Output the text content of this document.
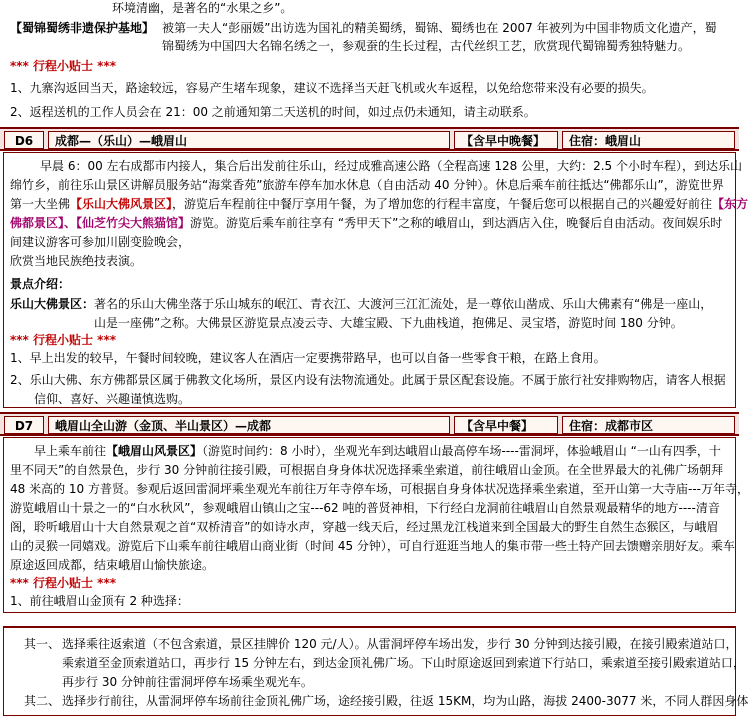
环境清幽，是著名的“水果之乡”。
【蜀锦蜀绣非遗保护基地】 被第一夫人“彭丽媛”出访选为国礼的精美蜀绣，蜀锦、蜀绣也在 2007 年被列为中国非物质文化遗产，蜀
锦蜀绣为中国四大名锦名绣之一，参观蚕的生长过程，古代丝织工艺，欣赏现代蜀锦蜀秀独特魅力。
*** 行程小贴士 ***
1、九寨沟返回当天，路途较远，容易产生堵车现象，建议不选择当天赶飞机或火车返程，以免给您带来没有必要的损失。
2、返程送机的工作人员会在 21：00 之前通知第二天送机的时间，如过点仍未通知，请主动联系。
D6	成都—（乐山）—峨眉山	【含早中晚餐】	住宿：峨眉山
早晨 6：00 左右成都市内接人，集合后出发前往乐山，经过成雅高速公路（全程高速 128 公里，大约：2.5 个小时车程），到达乐山
绵竹乡，前往乐山景区讲解员服务站“海棠香苑”旅游车停车加水休息（自由活动 40 分钟）。休息后乘车前往抵达“佛都乐山”，游览世界
第一大坐佛【乐山大佛风景区】，游览后车程前往中餐厅享用午餐，为了增加您的行程丰富度，午餐后您可以根据自己的兴趣爱好前往【东方
佛都景区】、【仙芝竹尖大熊猫馆】游览。游览后乘车前往享有 “秀甲天下”之称的峨眉山，到达酒店入住，晚餐后自由活动。夜间娱乐时
间建议游客可参加川剧变脸晚会，
欣赏当地民族绝技表演。
景点介绍：
乐山大佛景区： 著名的乐山大佛坐落于乐山城东的岷江、青衣江、大渡河三江汇流处，是一尊依山凿成、乐山大佛素有“佛是一座山，
山是一座佛”之称。大佛景区游览景点凌云寺、大雄宝殿、下九曲栈道，抱佛足、灵宝塔，游览时间 180 分钟。
*** 行程小贴士 ***
1、早上出发的较早，午餐时间较晚，建议客人在酒店一定要携带路早，也可以自备一些零食干粮，在路上食用。
2、乐山大佛、东方佛都景区属于佛教文化场所，景区内设有法物流通处。此属于景区配套设施。不属于旅行社安排购物店，请客人根据
信仰、喜好、兴趣谨慎选购。
D7	峨眉山全山游（金顶、半山景区）—成都	【含早中餐】	住宿：成都市区
早上乘车前往【峨眉山风景区】（游览时间约：8 小时），坐观光车到达峨眉山最高停车场----雷洞坪，体验峨眉山 “一山有四季，十
里不同天”的自然景色，步行 30 分钟前往接引殿，可根据自身身体状况选择乘坐索道，前往峨眉山金顶。在全世界最大的礼佛广场朝拜
48 米高的 10 方普贤。参观后返回雷洞坪乘坐观光车前往万年寺停车场，可根据自身身体状况选择乘坐索道，至开山第一大寺庙---万年寺，
游览峨眉山十景之一的“白水秋风”，参观峨眉山镇山之宝---62 吨的普贤神相，下行经白龙洞前往峨眉山自然景观最精华的地方----清音
阁，聆听峨眉山十大自然景观之首“双桥清音”的如诗水声，穿越一线天后，经过黑龙江栈道来到全国最大的野生自然生态猴区，与峨眉
山的灵猴一同嬉戏。游览后下山乘车前往峨眉山商业街（时间 45 分钟），可自行逛逛当地人的集市带一些土特产回去馈赠亲朋好友。乘车
原途返回成都，结束峨眉山愉快旅途。
*** 行程小贴士 ***
1、前往峨眉山金顶有 2 种选择：
其一、 选择乘往返索道（不包含索道，景区挂牌价 120 元/人）。从雷洞坪停车场出发，步行 30 分钟到达接引殿，在接引殿索道站口，
乘索道至金顶索道站口，再步行 15 分钟左右，到达金顶礼佛广场。下山时原途返回到索道下行站口，乘索道至接引殿索道站口，
再步行 30 分钟前往雷洞坪停车场乘坐观光车。
其二、 选择步行前往，从雷洞坪停车场前往金顶礼佛广场，途经接引殿，往返 15KM，均为山路，海拔 2400-3077 米，不同人群因身体
